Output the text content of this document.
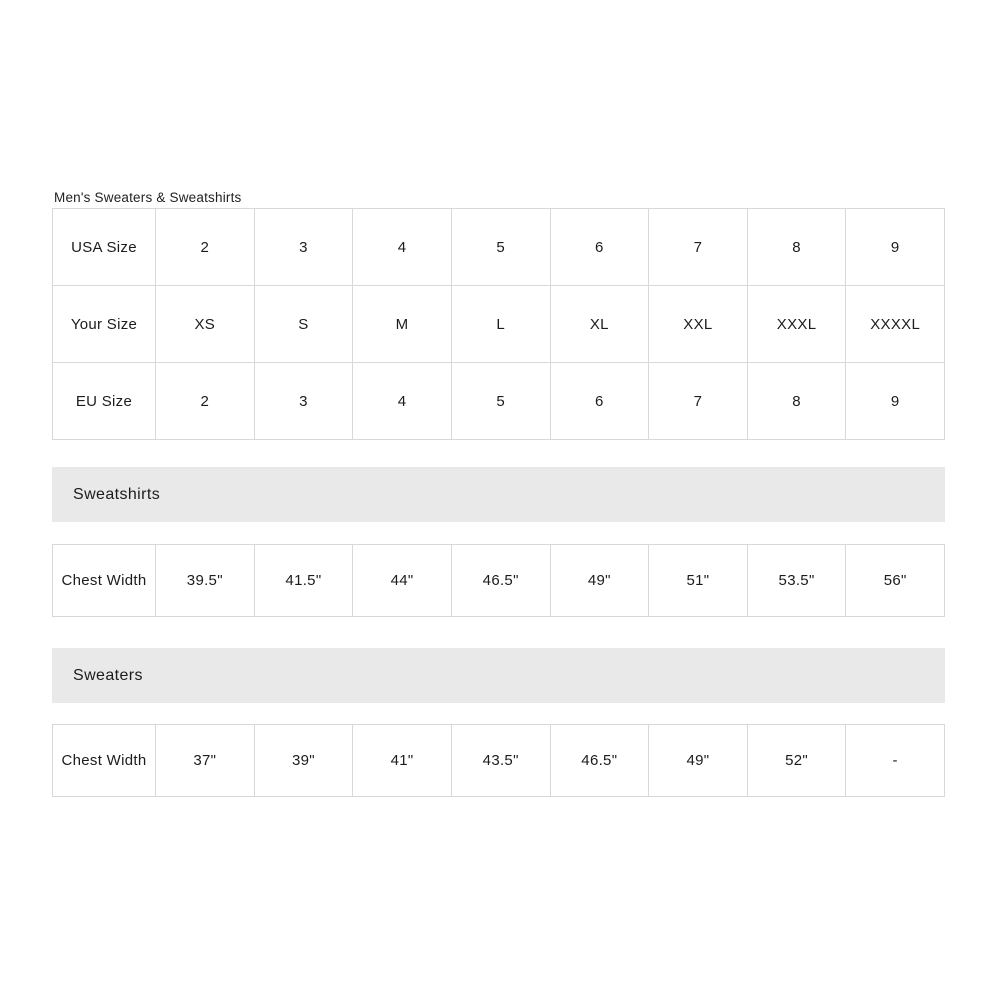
Men's Sweaters & Sweatshirts
USA Size	2	3	4	5	6	7	8	9
Your Size	XS	S	M	L	XL	XXL	XXXL	XXXXL
EU Size	2	3	4	5	6	7	8	9
Sweatshirts
Chest Width	39.5"	41.5"	44"	46.5"	49"	51"	53.5"	56"
Sweaters
Chest Width	37"	39"	41"	43.5"	46.5"	49"	52"	-
